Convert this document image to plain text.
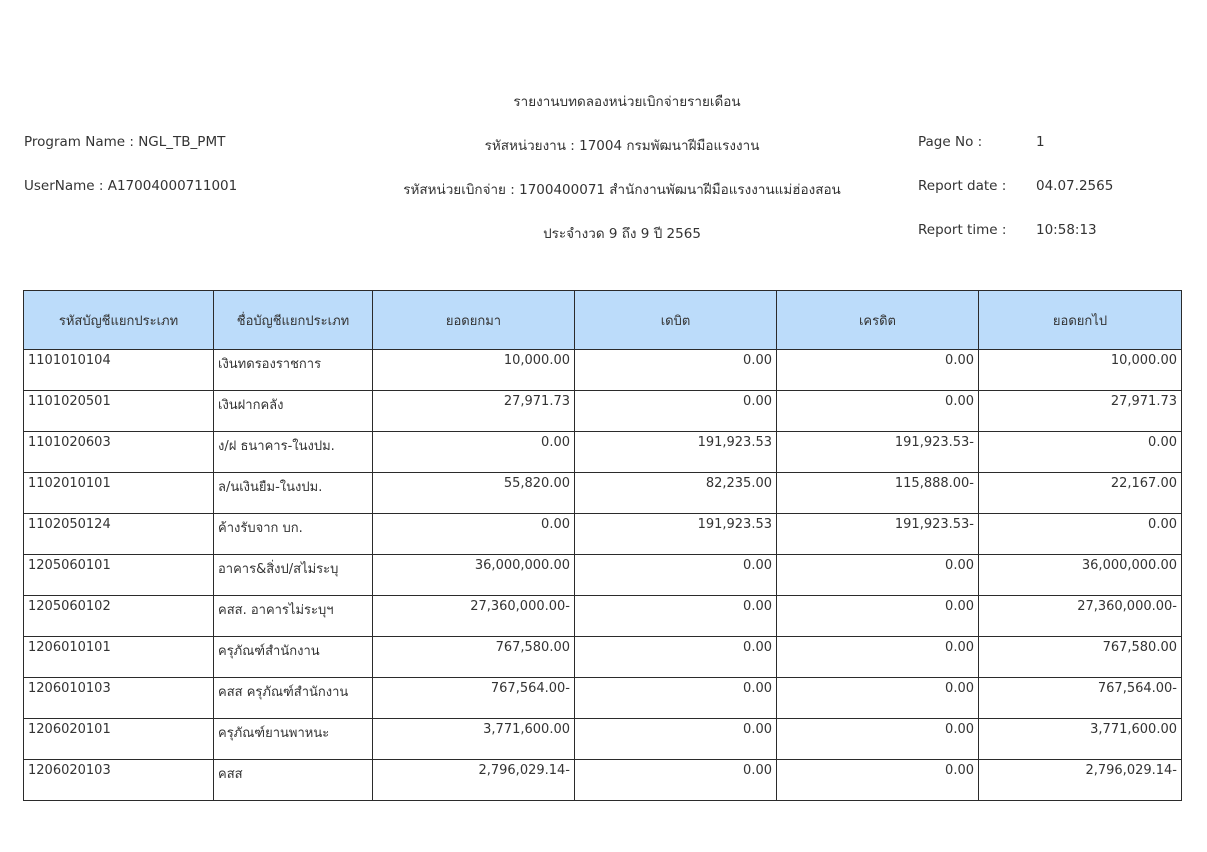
รายงานบทดลองหน่วยเบิกจ่ายรายเดือน
Program Name : NGL_TB_PMT
UserName : A17004000711001
รหัสหน่วยงาน : 17004 กรมพัฒนาฝีมือแรงงาน
รหัสหน่วยเบิกจ่าย : 1700400071 สำนักงานพัฒนาฝีมือแรงงานแม่ฮ่องสอน
ประจำงวด 9 ถึง 9 ปี 2565
Page No :	1
Report date : 04.07.2565
Report time : 10:58:13
รหัสบัญชีแยกประเภท	ชื่อบัญชีแยกประเภท	ยอดยกมา	เดบิต	เครดิต	ยอดยกไป
1101010104	เงินทดรองราชการ	10,000.00	0.00	0.00	10,000.00
1101020501	เงินฝากคลัง	27,971.73	0.00	0.00	27,971.73
1101020603	ง/ฝ ธนาคาร-ในงปม.	0.00	191,923.53	191,923.53-	0.00
1102010101	ล/นเงินยืม-ในงปม.	55,820.00	82,235.00	115,888.00-	22,167.00
1102050124	ค้างรับจาก บก.	0.00	191,923.53	191,923.53-	0.00
1205060101	อาคาร&สิ่งป/สไม่ระบุ	36,000,000.00	0.00	0.00	36,000,000.00
1205060102	คสส. อาคารไม่ระบุฯ	27,360,000.00-	0.00	0.00	27,360,000.00-
1206010101	ครุภัณฑ์สำนักงาน	767,580.00	0.00	0.00	767,580.00
1206010103	คสส ครุภัณฑ์สำนักงาน	767,564.00-	0.00	0.00	767,564.00-
1206020101	ครุภัณฑ์ยานพาหนะ	3,771,600.00	0.00	0.00	3,771,600.00
1206020103	คสส	2,796,029.14-	0.00	0.00	2,796,029.14-
